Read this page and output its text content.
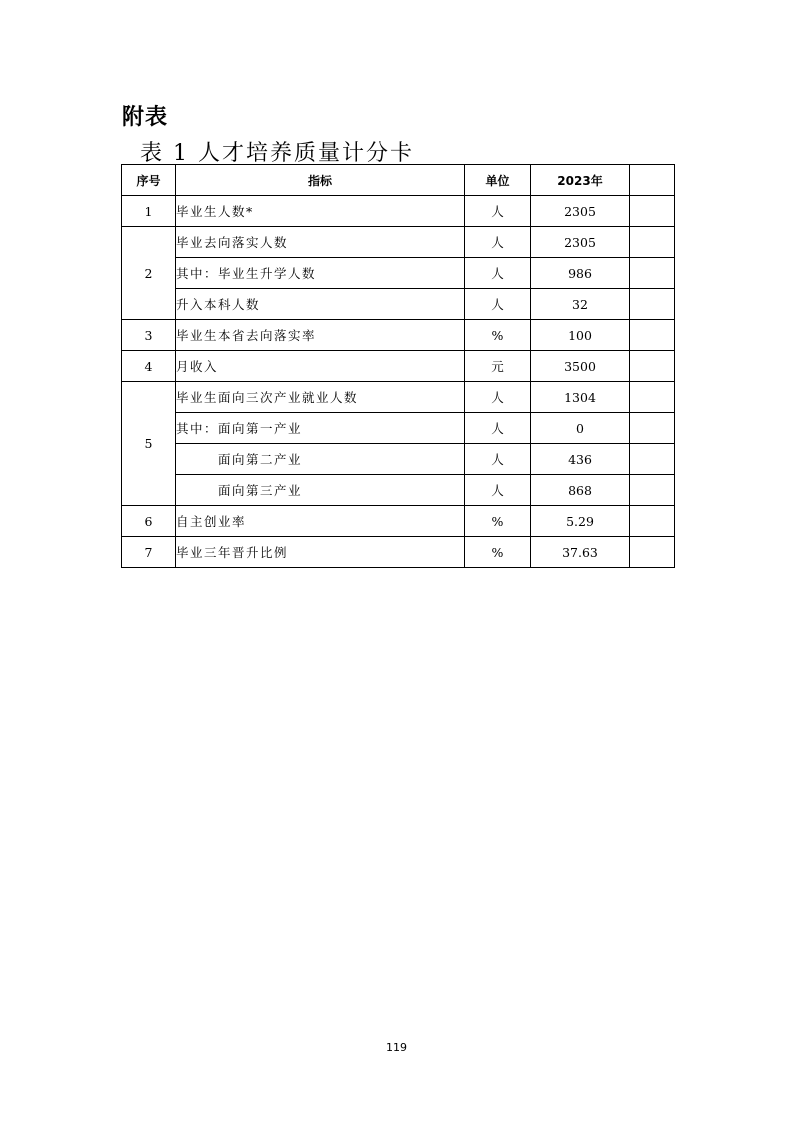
附表
表 1 人才培养质量计分卡
序号	指标	单位	2023年	
1	毕业生人数*	人	2305	
2	毕业去向落实人数	人	2305	
	其中：毕业生升学人数	人	986	
	升入本科人数	人	32	
3	毕业生本省去向落实率	%	100	
4	月收入	元	3500	
5	毕业生面向三次产业就业人数	人	1304	
	其中：面向第一产业	人	0	
	面向第二产业	人	436	
	面向第三产业	人	868	
6	自主创业率	%	5.29	
7	毕业三年晋升比例	%	37.63	
119
